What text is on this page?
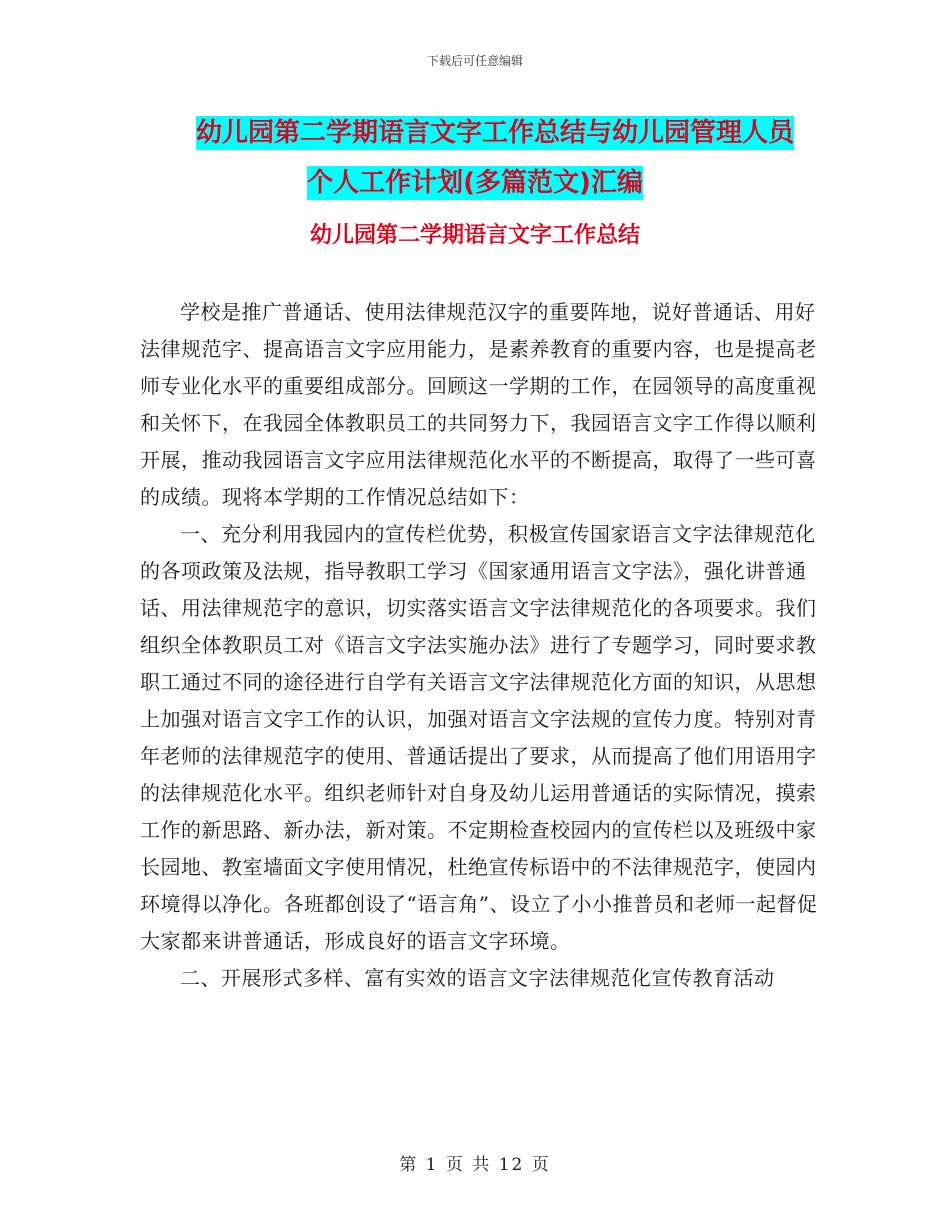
下载后可任意编辑
幼儿园第二学期语言文字工作总结与幼儿园管理人员
个人工作计划(多篇范文)汇编
幼儿园第二学期语言文字工作总结

学校是推广普通话、使用法律规范汉字的重要阵地，说好普通话、用好法律规范字、提高语言文字应用能力，是素养教育的重要内容，也是提高老师专业化水平的重要组成部分。回顾这一学期的工作，在园领导的高度重视和关怀下，在我园全体教职员工的共同努力下，我园语言文字工作得以顺利开展，推动我园语言文字应用法律规范化水平的不断提高，取得了一些可喜的成绩。现将本学期的工作情况总结如下：

一、充分利用我园内的宣传栏优势，积极宣传国家语言文字法律规范化的各项政策及法规，指导教职工学习《国家通用语言文字法》，强化讲普通话、用法律规范字的意识，切实落实语言文字法律规范化的各项要求。我们组织全体教职员工对《语言文字法实施办法》进行了专题学习，同时要求教职工通过不同的途径进行自学有关语言文字法律规范化方面的知识，从思想上加强对语言文字工作的认识，加强对语言文字法规的宣传力度。特别对青年老师的法律规范字的使用、普通话提出了要求，从而提高了他们用语用字的法律规范化水平。组织老师针对自身及幼儿运用普通话的实际情况，摸索工作的新思路、新办法，新对策。不定期检查校园内的宣传栏以及班级中家长园地、教室墙面文字使用情况，杜绝宣传标语中的不法律规范字，使园内环境得以净化。各班都创设了“语言角”、设立了小小推普员和老师一起督促大家都来讲普通话，形成良好的语言文字环境。

二、开展形式多样、富有实效的语言文字法律规范化宣传教育活动

第 1 页 共 12 页
